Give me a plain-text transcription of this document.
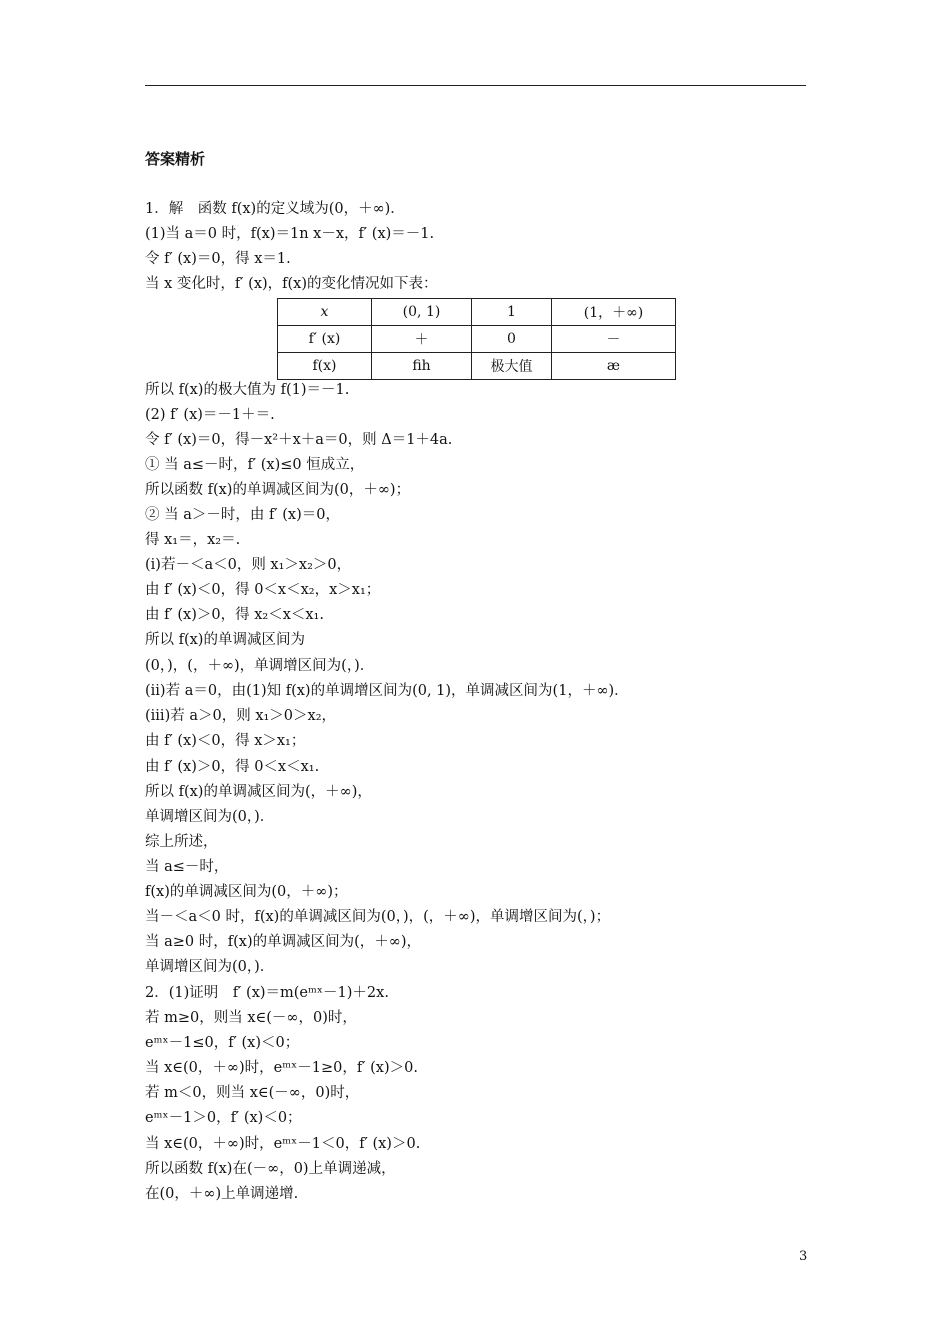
答案精析
1．解　函数 f(x)的定义域为(0，＋∞)．
(1)当 a＝0 时，f(x)＝1n x－x，f′ (x)＝－1.
令 f′ (x)＝0，得 x＝1.
当 x 变化时，f′ (x)，f(x)的变化情况如下表：
x	(0, 1)	1	(1，＋∞)
f′ (x)	＋	0	－
f(x)	ﬁh	极大值	æ
所以 f(x)的极大值为 f(1)＝－1.
(2) f′ (x)＝－1＋＝.
令 f′ (x)＝0，得－x²＋x＋a＝0，则 Δ＝1＋4a.
① 当 a≤－时，f′ (x)≤0 恒成立，
所以函数 f(x)的单调减区间为(0，＋∞)；
② 当 a＞－时，由 f′ (x)＝0，
得 x₁＝，x₂＝.
(i)若－＜a＜0，则 x₁＞x₂＞0，
由 f′ (x)＜0，得 0＜x＜x₂，x＞x₁；
由 f′ (x)＞0，得 x₂＜x＜x₁.
所以 f(x)的单调减区间为
(0，)，(，＋∞)，单调增区间为(，)．
(ii)若 a＝0，由(1)知 f(x)的单调增区间为(0, 1)，单调减区间为(1，＋∞)．
(iii)若 a＞0，则 x₁＞0＞x₂，
由 f′ (x)＜0，得 x＞x₁；
由 f′ (x)＞0，得 0＜x＜x₁.
所以 f(x)的单调减区间为(，＋∞)，
单调增区间为(0，)．
综上所述，
当 a≤－时，
f(x)的单调减区间为(0，＋∞)；
当－＜a＜0 时，f(x)的单调减区间为(0，)，(，＋∞)，单调增区间为(，)；
当 a≥0 时，f(x)的单调减区间为(，＋∞)，
单调增区间为(0，)．
2．(1)证明　f′ (x)＝m(eᵐˣ－1)＋2x.
若 m≥0，则当 x∈(－∞，0)时，
eᵐˣ－1≤0，f′ (x)＜0；
当 x∈(0，＋∞)时，eᵐˣ－1≥0，f′ (x)＞0.
若 m＜0，则当 x∈(－∞，0)时，
eᵐˣ－1＞0，f′ (x)＜0；
当 x∈(0，＋∞)时，eᵐˣ－1＜0，f′ (x)＞0.
所以函数 f(x)在(－∞，0)上单调递减，
在(0，＋∞)上单调递增.
3
